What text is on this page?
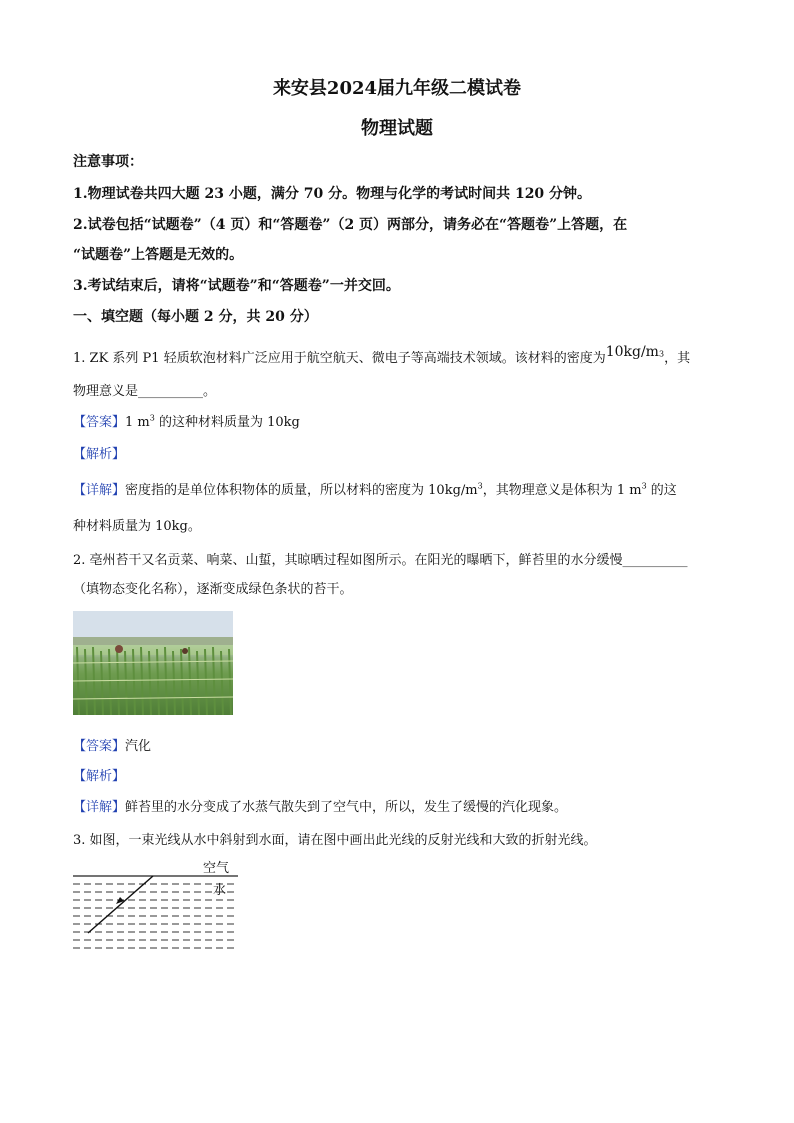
来安县2024届九年级二模试卷
物理试题
注意事项：
1.物理试卷共四大题 23 小题，满分 70 分。物理与化学的考试时间共 120 分钟。
2.试卷包括“试题卷”（4 页）和“答题卷”（2 页）两部分，请务必在“答题卷”上答题，在
“试题卷”上答题是无效的。
3.考试结束后，请将“试题卷”和“答题卷”一并交回。
一、填空题（每小题 2 分，共 20 分）
1. ZK 系列 P1 轻质软泡材料广泛应用于航空航天、微电子等高端技术领域。该材料的密度为$10kg/m^3$，其
物理意义是__________。
【答案】1 $m^3$ 的这种材料质量为 10kg
【解析】
【详解】密度指的是单位体积物体的质量，所以材料的密度为 $10kg/m^3$，其物理意义是体积为 1 $m^3$ 的这
种材料质量为 10kg。
2. 亳州苔干又名贡菜、响菜、山蜇，其晾晒过程如图所示。在阳光的曝晒下，鲜苔里的水分缓慢__________
（填物态变化名称），逐渐变成绿色条状的苔干。
【答案】汽化
【解析】
【详解】鲜苔里的水分变成了水蒸气散失到了空气中，所以，发生了缓慢的汽化现象。
3. 如图，一束光线从水中斜射到水面，请在图中画出此光线的反射光线和大致的折射光线。
空气
水
